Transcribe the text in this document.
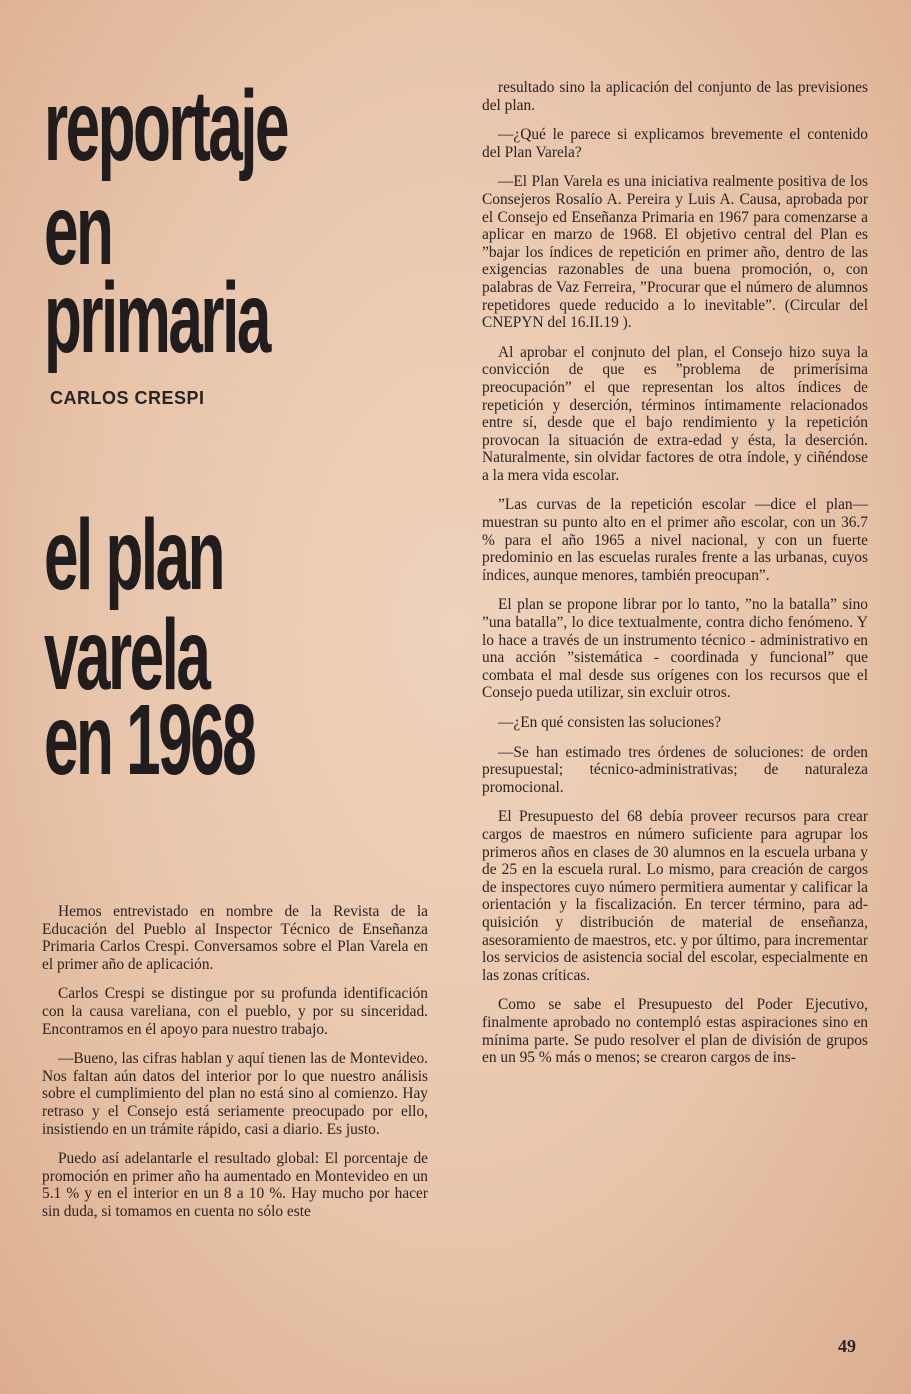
reportaje
en
primaria
el plan
varela
en 1968

CARLOS CRESPI

Hemos entrevistado en nombre de la Revista de la Educación del Pueblo al Inspector Técnico de Enseñanza Primaria Carlos Crespi. Conversamos sobre el Plan Varela en el primer año de aplicación.

Carlos Crespi se distingue por su profunda identificación con la causa vareliana, con el pueblo, y por su sinceridad. Encontramos en él apoyo para nuestro trabajo.

—Bueno, las cifras hablan y aquí tienen las de Montevideo. Nos faltan aún datos del interior por lo que nuestro análisis sobre el cumplimiento del plan no está sino al comienzo. Hay retraso y el Consejo está seriamente preocupado por ello, insistiendo en un trámite rápido, casi a diario. Es justo.

Puedo así adelantarle el resultado global: El porcentaje de promoción en primer año ha aumentado en Montevideo en un 5.1 % y en el interior en un 8 a 10 %. Hay mucho por hacer sin duda, si tomamos en cuenta no sólo este

resultado sino la aplicación del conjunto de las previsiones del plan.

—¿Qué le parece si explicamos brevemente el contenido del Plan Varela?

—El Plan Varela es una iniciativa realmente positiva de los Consejeros Rosalío A. Pereira y Luis A. Causa, aprobada por el Consejo ed Enseñanza Primaria en 1967 para comenzarse a aplicar en marzo de 1968. El objetivo central del Plan es ”bajar los índices de repetición en primer año, dentro de las exigencias razonables de una buena promoción, o, con palabras de Vaz Ferreira, ”Procurar que el número de alumnos repetidores quede reducido a lo inevitable”. (Circular del CNEPYN del 16.II.19 ).

Al aprobar el conjnuto del plan, el Consejo hizo suya la convicción de que es ”problema de primerísima preocupación” el que representan los altos índices de repetición y deserción, términos íntimamente relacionados entre sí, desde que el bajo rendimiento y la repetición provocan la situación de extra-edad y ésta, la deserción. Naturalmente, sin olvidar factores de otra índole, y ciñéndose a la mera vida escolar.

”Las curvas de la repetición escolar —dice el plan— muestran su punto alto en el primer año escolar, con un 36.7 % para el año 1965 a nivel nacional, y con un fuerte predominio en las escuelas rurales frente a las urbanas, cuyos índices, aunque menores, también preocupan”.

El plan se propone librar por lo tanto, ”no la batalla” sino ”una batalla”, lo dice textualmente, contra dicho fenómeno. Y lo hace a través de un instrumento técnico - administrativo en una acción ”sistemática - coordinada y funcional” que combata el mal desde sus orígenes con los recursos que el Consejo pueda utilizar, sin excluir otros.

—¿En qué consisten las soluciones?

—Se han estimado tres órdenes de soluciones: de orden presupuestal; técnico-administrativas; de naturaleza promocional.

El Presupuesto del 68 debía proveer recursos para crear cargos de maestros en número suficiente para agrupar los primeros años en clases de 30 alumnos en la escuela urbana y de 25 en la escuela rural. Lo mismo, para creación de cargos de inspectores cuyo número permitiera aumentar y calificar la orientación y la fiscalización. En tercer término, para adquisición y distribución de material de enseñanza, asesoramiento de maestros, etc. y por último, para incrementar los servicios de asistencia social del escolar, especialmente en las zonas críticas.

Como se sabe el Presupuesto del Poder Ejecutivo, finalmente aprobado no contempló estas aspiraciones sino en mínima parte. Se pudo resolver el plan de división de grupos en un 95 % más o menos; se crearon cargos de ins-

49
